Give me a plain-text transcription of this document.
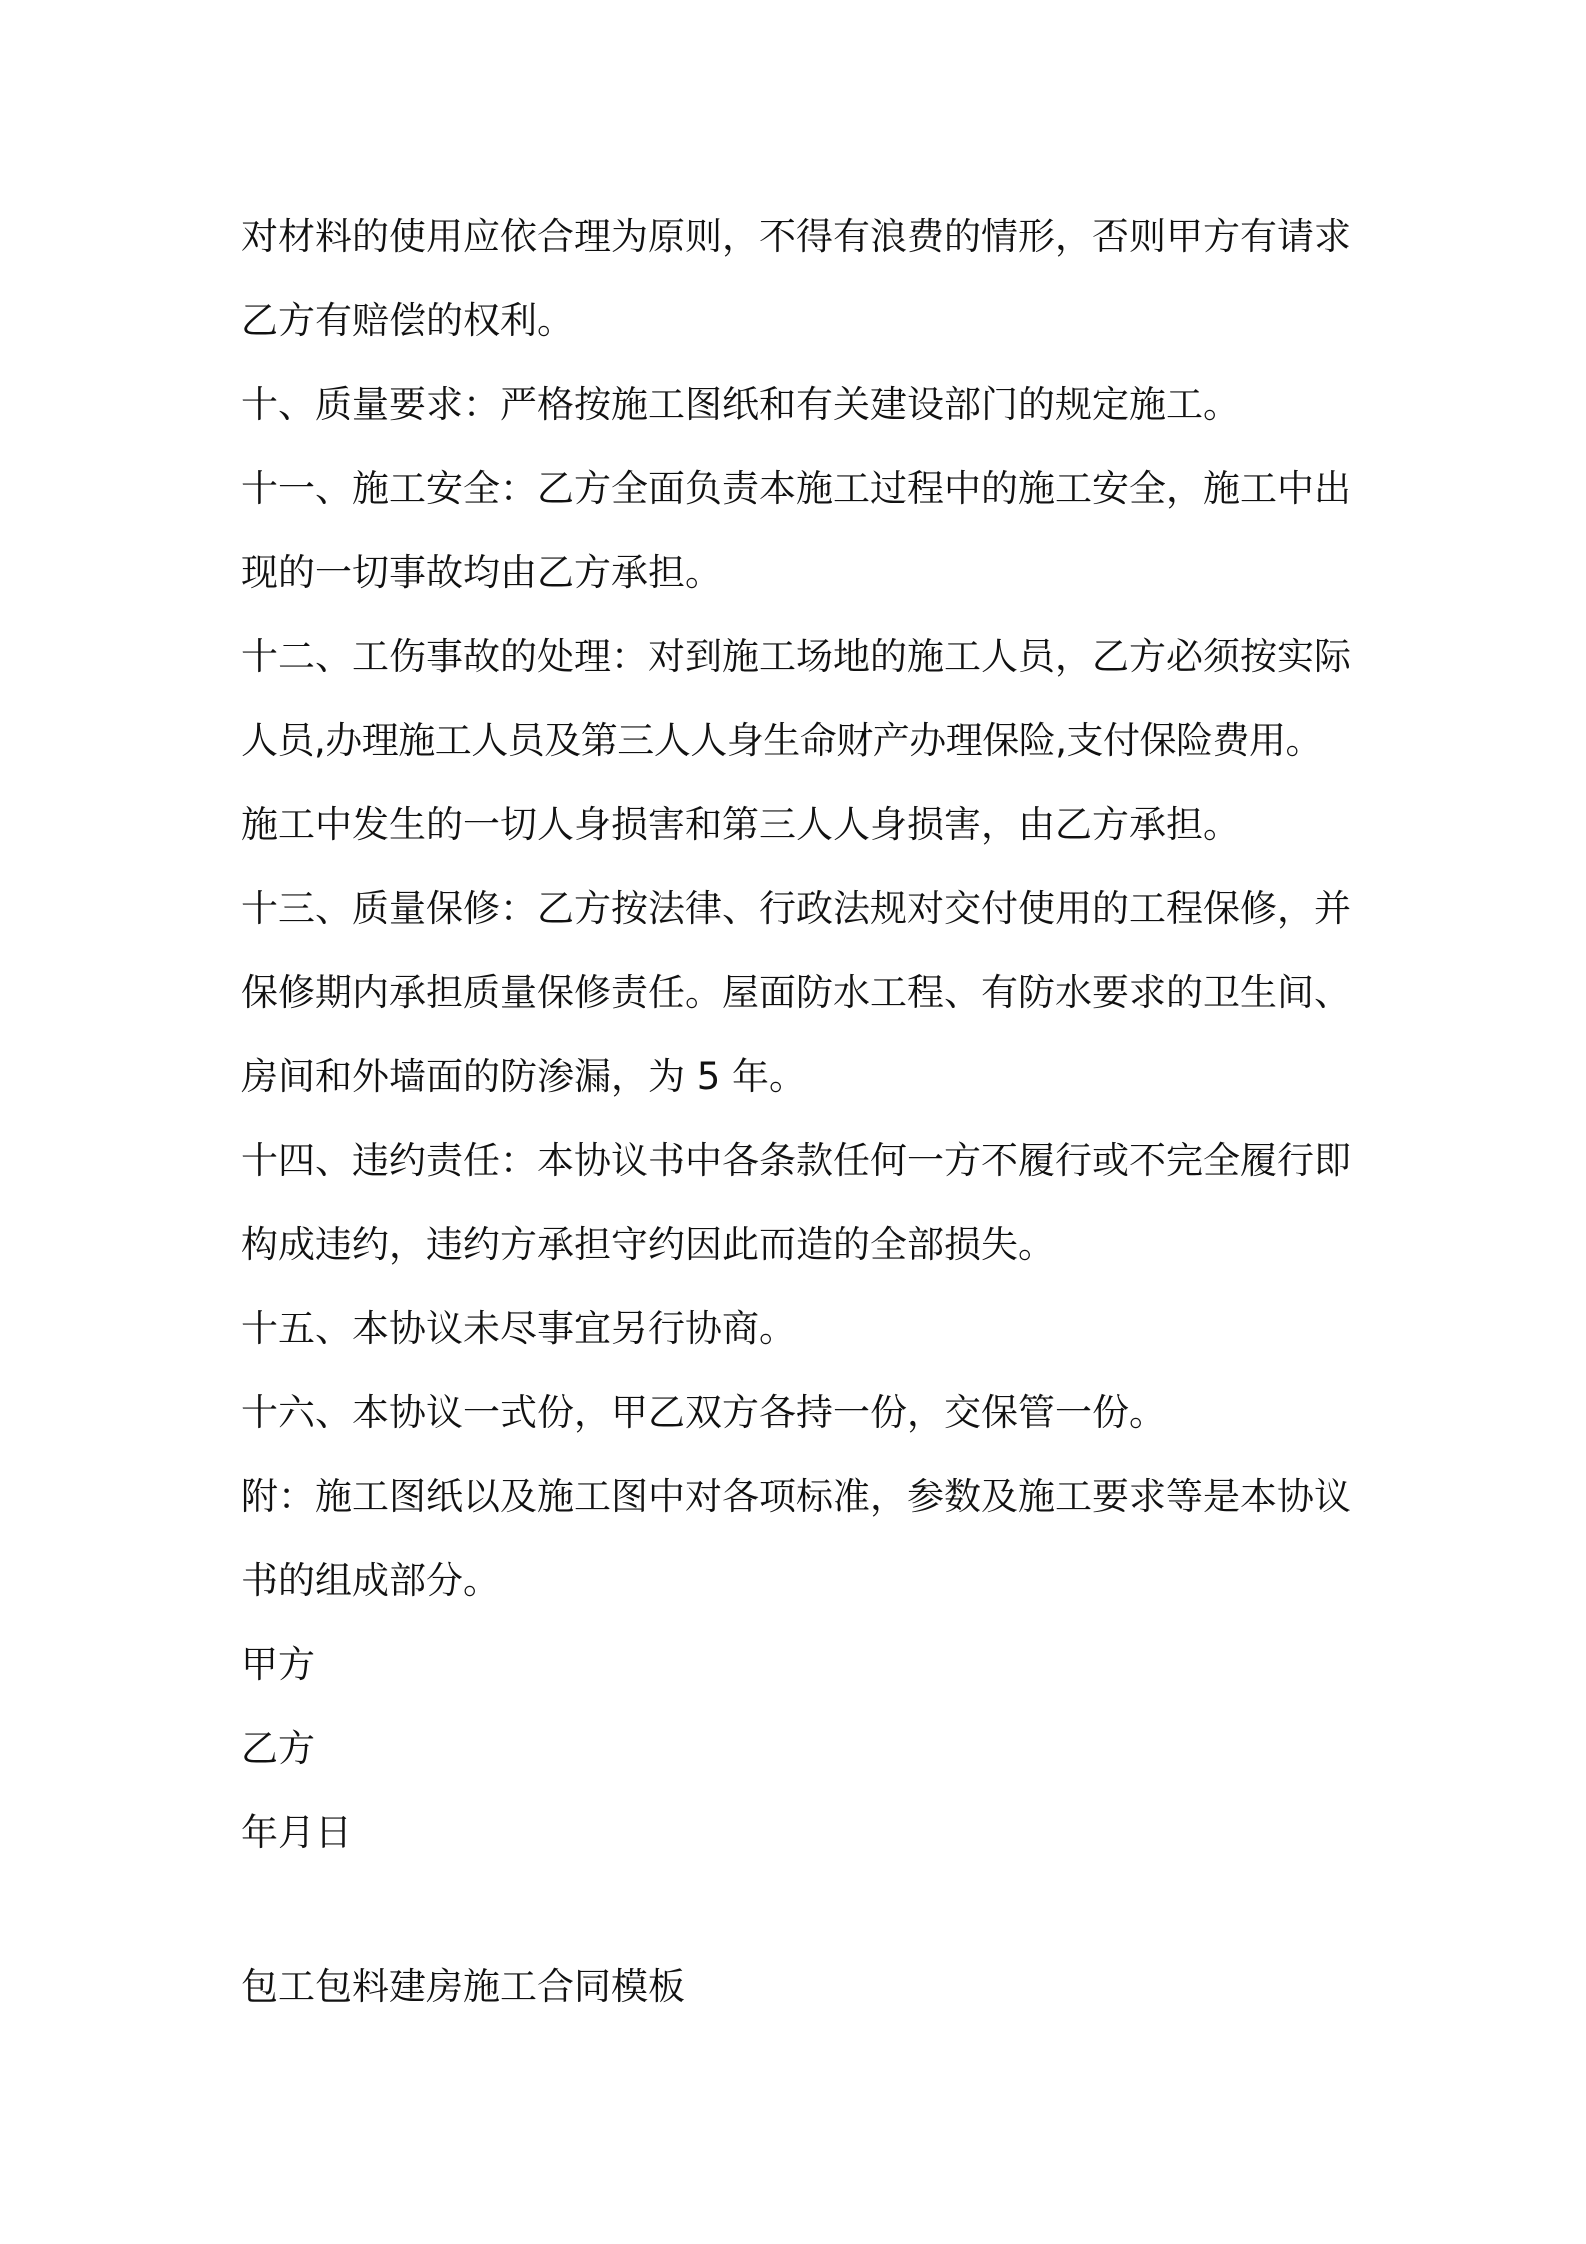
对材料的使用应依合理为原则，不得有浪费的情形，否则甲方有请求
乙方有赔偿的权利。
十、质量要求：严格按施工图纸和有关建设部门的规定施工。
十一、施工安全：乙方全面负责本施工过程中的施工安全，施工中出
现的一切事故均由乙方承担。
十二、工伤事故的处理：对到施工场地的施工人员，乙方必须按实际
人员,办理施工人员及第三人人身生命财产办理保险,支付保险费用。
施工中发生的一切人身损害和第三人人身损害，由乙方承担。
十三、质量保修：乙方按法律、行政法规对交付使用的工程保修，并
保修期内承担质量保修责任。屋面防水工程、有防水要求的卫生间、
房间和外墙面的防渗漏，为 5 年。
十四、违约责任：本协议书中各条款任何一方不履行或不完全履行即
构成违约，违约方承担守约因此而造的全部损失。
十五、本协议未尽事宜另行协商。
十六、本协议一式份，甲乙双方各持一份，交保管一份。
附：施工图纸以及施工图中对各项标准，参数及施工要求等是本协议
书的组成部分。
甲方
乙方
年月日
包工包料建房施工合同模板
